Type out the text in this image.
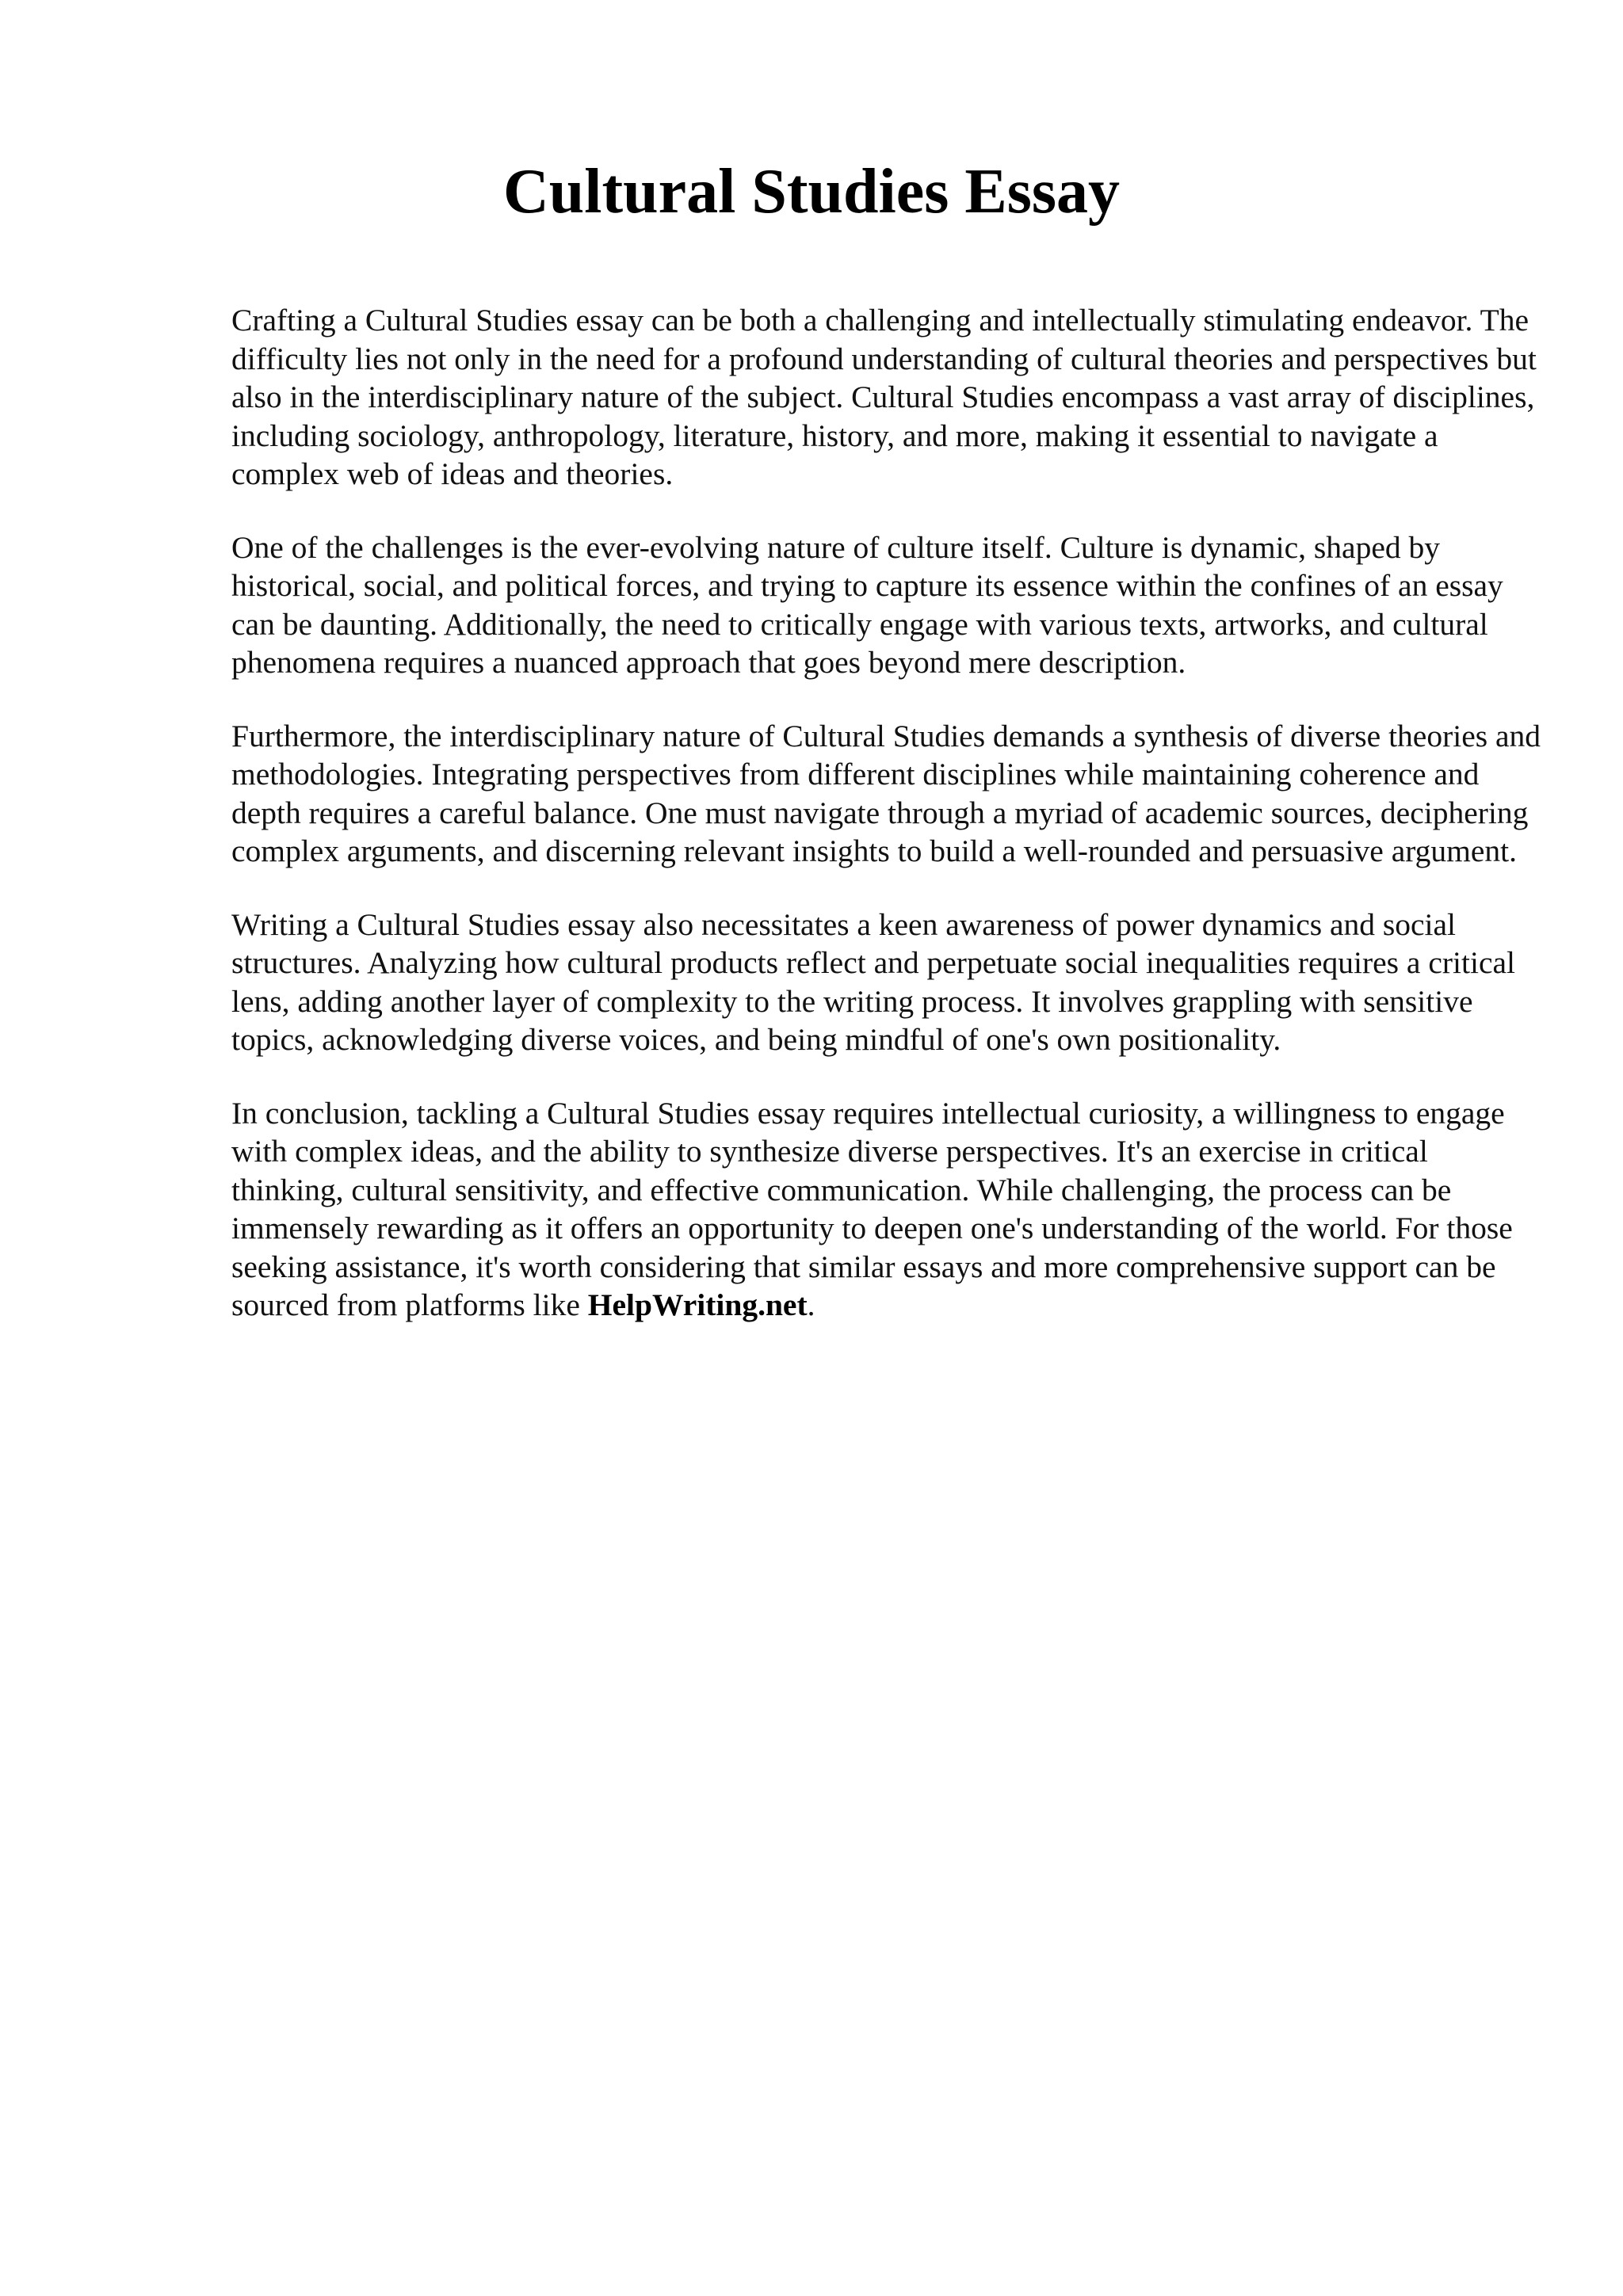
Cultural Studies Essay

Crafting a Cultural Studies essay can be both a challenging and intellectually stimulating endeavor. The difficulty lies not only in the need for a profound understanding of cultural theories and perspectives but also in the interdisciplinary nature of the subject. Cultural Studies encompass a vast array of disciplines, including sociology, anthropology, literature, history, and more, making it essential to navigate a complex web of ideas and theories.

One of the challenges is the ever-evolving nature of culture itself. Culture is dynamic, shaped by historical, social, and political forces, and trying to capture its essence within the confines of an essay can be daunting. Additionally, the need to critically engage with various texts, artworks, and cultural phenomena requires a nuanced approach that goes beyond mere description.

Furthermore, the interdisciplinary nature of Cultural Studies demands a synthesis of diverse theories and methodologies. Integrating perspectives from different disciplines while maintaining coherence and depth requires a careful balance. One must navigate through a myriad of academic sources, deciphering complex arguments, and discerning relevant insights to build a well-rounded and persuasive argument.

Writing a Cultural Studies essay also necessitates a keen awareness of power dynamics and social structures. Analyzing how cultural products reflect and perpetuate social inequalities requires a critical lens, adding another layer of complexity to the writing process. It involves grappling with sensitive topics, acknowledging diverse voices, and being mindful of one's own positionality.

In conclusion, tackling a Cultural Studies essay requires intellectual curiosity, a willingness to engage with complex ideas, and the ability to synthesize diverse perspectives. It's an exercise in critical thinking, cultural sensitivity, and effective communication. While challenging, the process can be immensely rewarding as it offers an opportunity to deepen one's understanding of the world. For those seeking assistance, it's worth considering that similar essays and more comprehensive support can be sourced from platforms like HelpWriting.net.
